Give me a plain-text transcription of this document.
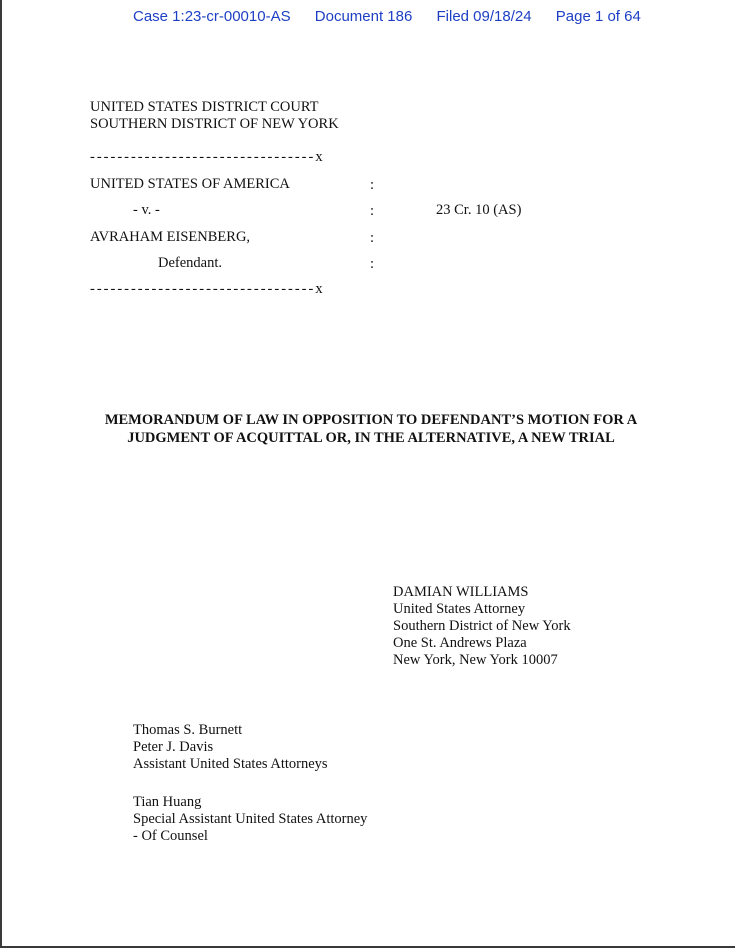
Case 1:23-cr-00010-AS Document 186 Filed 09/18/24 Page 1 of 64
UNITED STATES DISTRICT COURT
SOUTHERN DISTRICT OF NEW YORK
---------------------------------x
UNITED STATES OF AMERICA	:
- v. -	:	23 Cr. 10 (AS)
AVRAHAM EISENBERG,	:
Defendant.	:
---------------------------------x
MEMORANDUM OF LAW IN OPPOSITION TO DEFENDANT’S MOTION FOR A
JUDGMENT OF ACQUITTAL OR, IN THE ALTERNATIVE, A NEW TRIAL
DAMIAN WILLIAMS
United States Attorney
Southern District of New York
One St. Andrews Plaza
New York, New York 10007
Thomas S. Burnett
Peter J. Davis
Assistant United States Attorneys
Tian Huang
Special Assistant United States Attorney
- Of Counsel
